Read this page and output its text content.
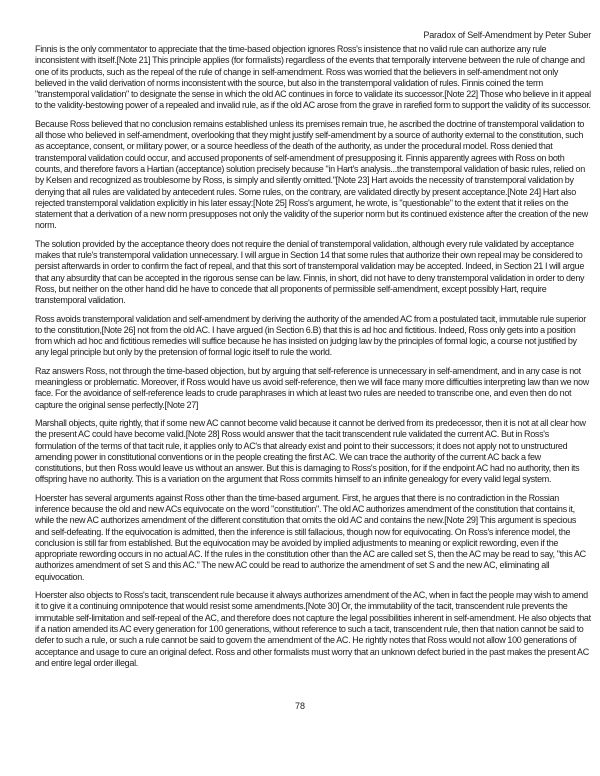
Paradox of Self-Amendment by Peter Suber

Finnis is the only commentator to appreciate that the time-based objection ignores Ross's insistence that no valid rule can authorize any rule inconsistent with itself.[Note 21] This principle applies (for formalists) regardless of the events that temporally intervene between the rule of change and one of its products, such as the repeal of the rule of change in self-amendment. Ross was worried that the believers in self-amendment not only believed in the valid derivation of norms inconsistent with the source, but also in the transtemporal validation of rules. Finnis coined the term "transtemporal validation" to designate the sense in which the old AC continues in force to validate its successor.[Note 22] Those who believe in it appeal to the validity-bestowing power of a repealed and invalid rule, as if the old AC arose from the grave in rarefied form to support the validity of its successor.

Because Ross believed that no conclusion remains established unless its premises remain true, he ascribed the doctrine of transtemporal validation to all those who believed in self-amendment, overlooking that they might justify self-amendment by a source of authority external to the constitution, such as acceptance, consent, or military power, or a source heedless of the death of the authority, as under the procedural model. Ross denied that transtemporal validation could occur, and accused proponents of self-amendment of presupposing it. Finnis apparently agrees with Ross on both counts, and therefore favors a Hartian (acceptance) solution precisely because "in Hart's analysis...the transtemporal validation of basic rules, relied on by Kelsen and recognized as troublesome by Ross, is simply and silently omitted."[Note 23] Hart avoids the necessity of transtemporal validation by denying that all rules are validated by antecedent rules. Some rules, on the contrary, are validated directly by present acceptance.[Note 24] Hart also rejected transtemporal validation explicitly in his later essay:[Note 25] Ross's argument, he wrote, is "questionable" to the extent that it relies on the statement that a derivation of a new norm presupposes not only the validity of the superior norm but its continued existence after the creation of the new norm.

The solution provided by the acceptance theory does not require the denial of transtemporal validation, although every rule validated by acceptance makes that rule's transtemporal validation unnecessary. I will argue in Section 14 that some rules that authorize their own repeal may be considered to persist afterwards in order to confirm the fact of repeal, and that this sort of transtemporal validation may be accepted. Indeed, in Section 21 I will argue that any absurdity that can be accepted in the rigorous sense can be law. Finnis, in short, did not have to deny transtemporal validation in order to deny Ross, but neither on the other hand did he have to concede that all proponents of permissible self-amendment, except possibly Hart, require transtemporal validation.

Ross avoids transtemporal validation and self-amendment by deriving the authority of the amended AC from a postulated tacit, immutable rule superior to the constitution,[Note 26] not from the old AC. I have argued (in Section 6.B) that this is ad hoc and fictitious. Indeed, Ross only gets into a position from which ad hoc and fictitious remedies will suffice because he has insisted on judging law by the principles of formal logic, a course not justified by any legal principle but only by the pretension of formal logic itself to rule the world.

Raz answers Ross, not through the time-based objection, but by arguing that self-reference is unnecessary in self-amendment, and in any case is not meaningless or problematic. Moreover, if Ross would have us avoid self-reference, then we will face many more difficulties interpreting law than we now face. For the avoidance of self-reference leads to crude paraphrases in which at least two rules are needed to transcribe one, and even then do not capture the original sense perfectly.[Note 27]

Marshall objects, quite rightly, that if some new AC cannot become valid because it cannot be derived from its predecessor, then it is not at all clear how the present AC could have become valid.[Note 28] Ross would answer that the tacit transcendent rule validated the current AC. But in Ross's formulation of the terms of that tacit rule, it applies only to AC's that already exist and point to their successors; it does not apply not to unstructured amending power in constitutional conventions or in the people creating the first AC. We can trace the authority of the current AC back a few constitutions, but then Ross would leave us without an answer. But this is damaging to Ross's position, for if the endpoint AC had no authority, then its offspring have no authority. This is a variation on the argument that Ross commits himself to an infinite genealogy for every valid legal system.

Hoerster has several arguments against Ross other than the time-based argument. First, he argues that there is no contradiction in the Rossian inference because the old and new ACs equivocate on the word "constitution". The old AC authorizes amendment of the constitution that contains it, while the new AC authorizes amendment of the different constitution that omits the old AC and contains the new.[Note 29] This argument is specious and self-defeating. If the equivocation is admitted, then the inference is still fallacious, though now for equivocating. On Ross's inference model, the conclusion is still far from established. But the equivocation may be avoided by implied adjustments to meaning or explicit rewording, even if the appropriate rewording occurs in no actual AC. If the rules in the constitution other than the AC are called set S, then the AC may be read to say, "this AC authorizes amendment of set S and this AC." The new AC could be read to authorize the amendment of set S and the new AC, eliminating all equivocation.

Hoerster also objects to Ross's tacit, transcendent rule because it always authorizes amendment of the AC, when in fact the people may wish to amend it to give it a continuing omnipotence that would resist some amendments.[Note 30] Or, the immutability of the tacit, transcendent rule prevents the immutable self-limitation and self-repeal of the AC, and therefore does not capture the legal possibilities inherent in self-amendment. He also objects that if a nation amended its AC every generation for 100 generations, without reference to such a tacit, transcendent rule, then that nation cannot be said to defer to such a rule, or such a rule cannot be said to govern the amendment of the AC. He rightly notes that Ross would not allow 100 generations of acceptance and usage to cure an original defect. Ross and other formalists must worry that an unknown defect buried in the past makes the present AC and entire legal order illegal.

78
